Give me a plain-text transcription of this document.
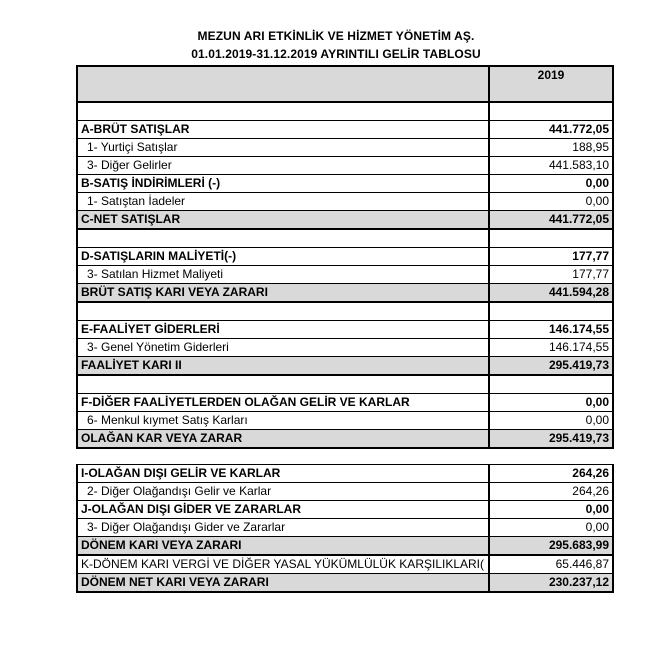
MEZUN ARI ETKİNLİK VE HİZMET YÖNETİM AŞ.
01.01.2019-31.12.2019 AYRINTILI GELİR TABLOSU
	2019

A-BRÜT SATIŞLAR	441.772,05
1- Yurtiçi Satışlar	188,95
3- Diğer Gelirler	441.583,10
B-SATIŞ İNDİRİMLERİ (-)	0,00
1- Satıştan İadeler	0,00
C-NET SATIŞLAR	441.772,05

D-SATIŞLARIN MALİYETİ(-)	177,77
3- Satılan Hizmet Maliyeti	177,77
BRÜT SATIŞ KARI VEYA ZARARI	441.594,28

E-FAALİYET GİDERLERİ	146.174,55
3- Genel Yönetim Giderleri	146.174,55
FAALİYET KARI II	295.419,73

F-DİĞER FAALİYETLERDEN OLAĞAN GELİR VE KARLAR	0,00
6- Menkul kıymet Satış Karları	0,00
OLAĞAN KAR VEYA ZARAR	295.419,73

I-OLAĞAN DIŞI GELİR VE KARLAR	264,26
2- Diğer Olağandışı Gelir ve Karlar	264,26
J-OLAĞAN DIŞI GİDER VE ZARARLAR	0,00
3- Diğer Olağandışı Gider ve Zararlar	0,00
DÖNEM KARI VEYA ZARARI	295.683,99
K-DÖNEM KARI VERGİ VE DİĞER YASAL YÜKÜMLÜLÜK KARŞILIKLARI(	65.446,87
DÖNEM NET KARI VEYA ZARARI	230.237,12
